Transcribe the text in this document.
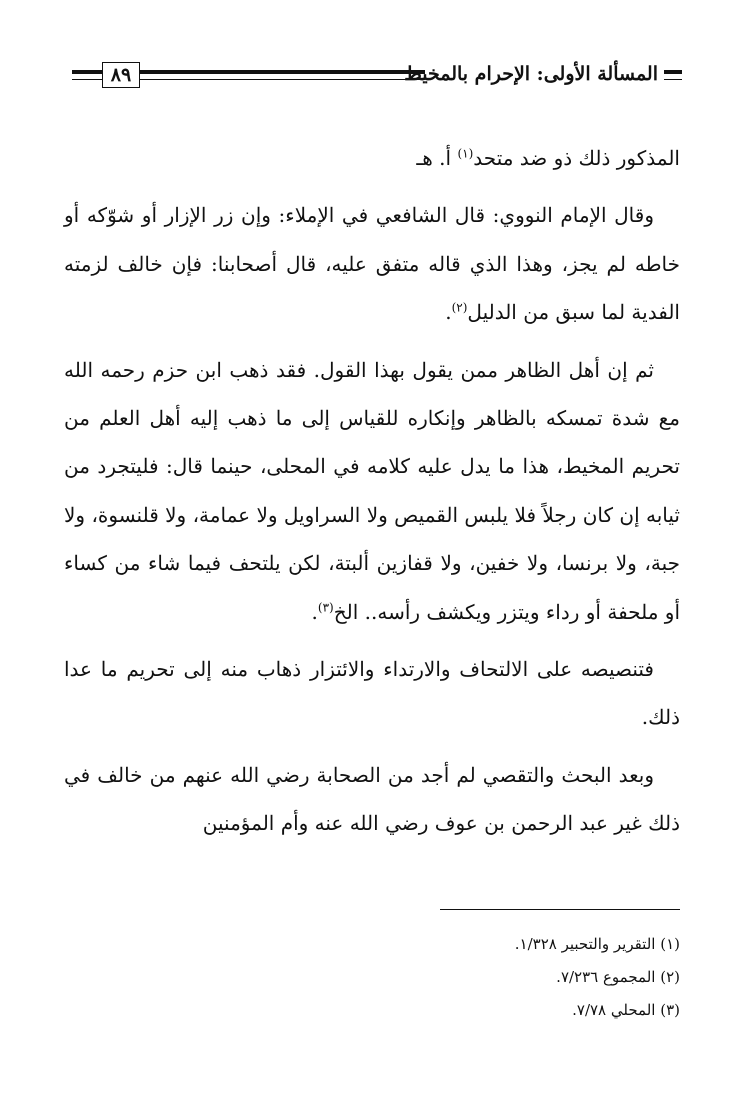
٨٩	المسألة الأولى: الإحرام بالمخيط

المذكور ذلك ذو ضد متحد$^{(١)}$ أ. هـ

وقال الإمام النووي: قال الشافعي في الإملاء: وإن زر الإزار أو شوّكه أو خاطه لم يجز، وهذا الذي قاله متفق عليه، قال أصحابنا: فإن خالف لزمته الفدية لما سبق من الدليل$^{(٢)}$.

ثم إن أهل الظاهر ممن يقول بهذا القول. فقد ذهب ابن حزم رحمه الله مع شدة تمسكه بالظاهر وإنكاره للقياس إلى ما ذهب إليه أهل العلم من تحريم المخيط، هذا ما يدل عليه كلامه في المحلى، حينما قال: فليتجرد من ثيابه إن كان رجلاً فلا يلبس القميص ولا السراويل ولا عمامة، ولا قلنسوة، ولا جبة، ولا برنسا، ولا خفين، ولا قفازين ألبتة، لكن يلتحف فيما شاء من كساء أو ملحفة أو رداء ويتزر ويكشف رأسه.. الخ$^{(٣)}$.

فتنصيصه على الالتحاف والارتداء والائتزار ذهاب منه إلى تحريم ما عدا ذلك.

وبعد البحث والتقصي لم أجد من الصحابة رضي الله عنهم من خالف في ذلك غير عبد الرحمن بن عوف رضي الله عنه وأم المؤمنين

(١) التقرير والتحبير ١/٣٢٨.
(٢) المجموع ٧/٢٣٦.
(٣) المحلي ٧/٧٨.
